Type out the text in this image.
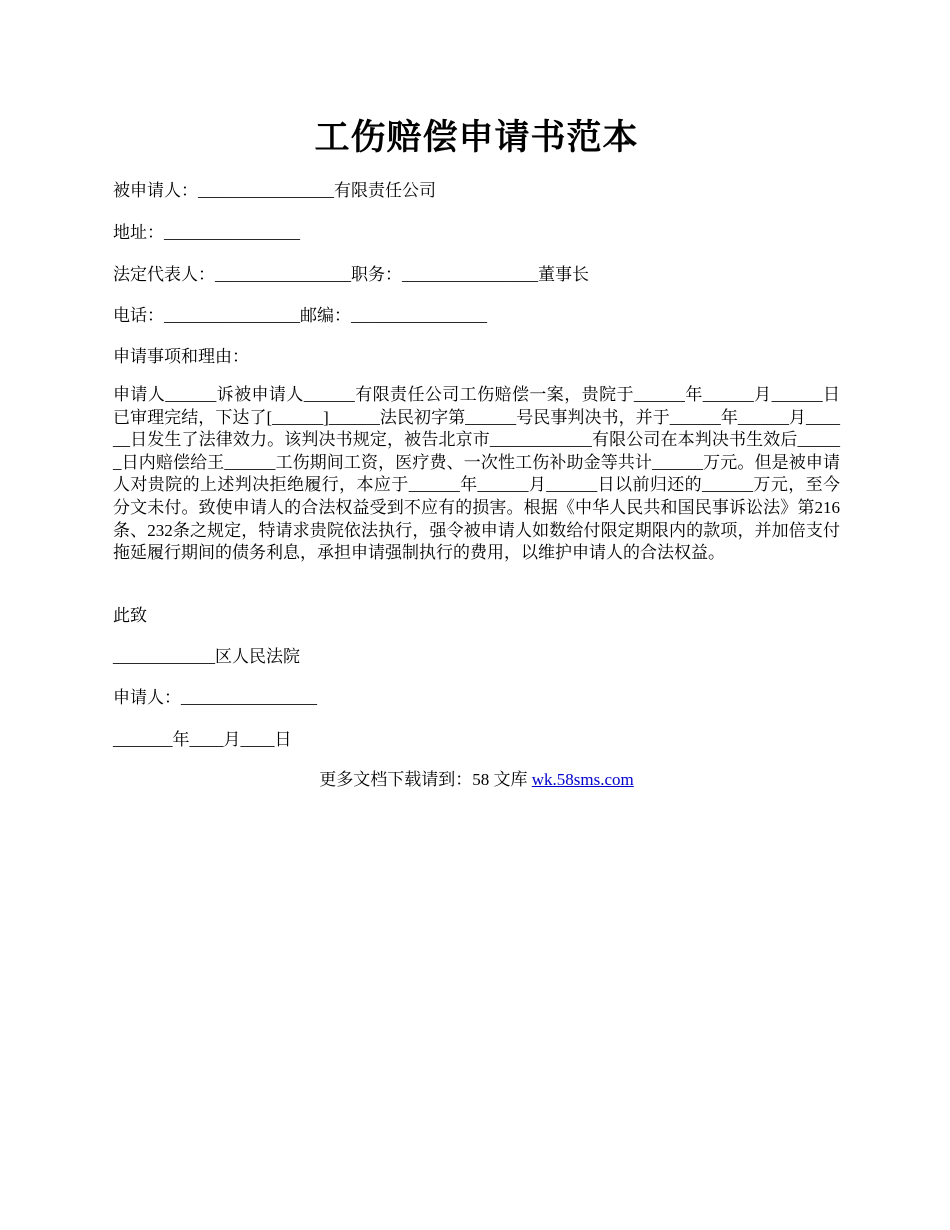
工伤赔偿申请书范本

被申请人：________________有限责任公司

地址：________________

法定代表人：________________职务：________________董事长

电话：________________邮编：________________

申请事项和理由：

申请人______诉被申请人______有限责任公司工伤赔偿一案，贵院于______年______月______日已审理完结，下达了[______]______法民初字第______号民事判决书，并于______年______月______日发生了法律效力。该判决书规定，被告北京市____________有限公司在本判决书生效后______日内赔偿给王______工伤期间工资，医疗费、一次性工伤补助金等共计______万元。但是被申请人对贵院的上述判决拒绝履行，本应于______年______月______日以前归还的______万元，至今分文未付。致使申请人的合法权益受到不应有的损害。根据《中华人民共和国民事诉讼法》第216条、232条之规定，特请求贵院依法执行，强令被申请人如数给付限定期限内的款项，并加倍支付拖延履行期间的债务利息，承担申请强制执行的费用，以维护申请人的合法权益。

此致

____________区人民法院

申请人：________________

_______年____月____日

更多文档下载请到：58 文库 wk.58sms.com
